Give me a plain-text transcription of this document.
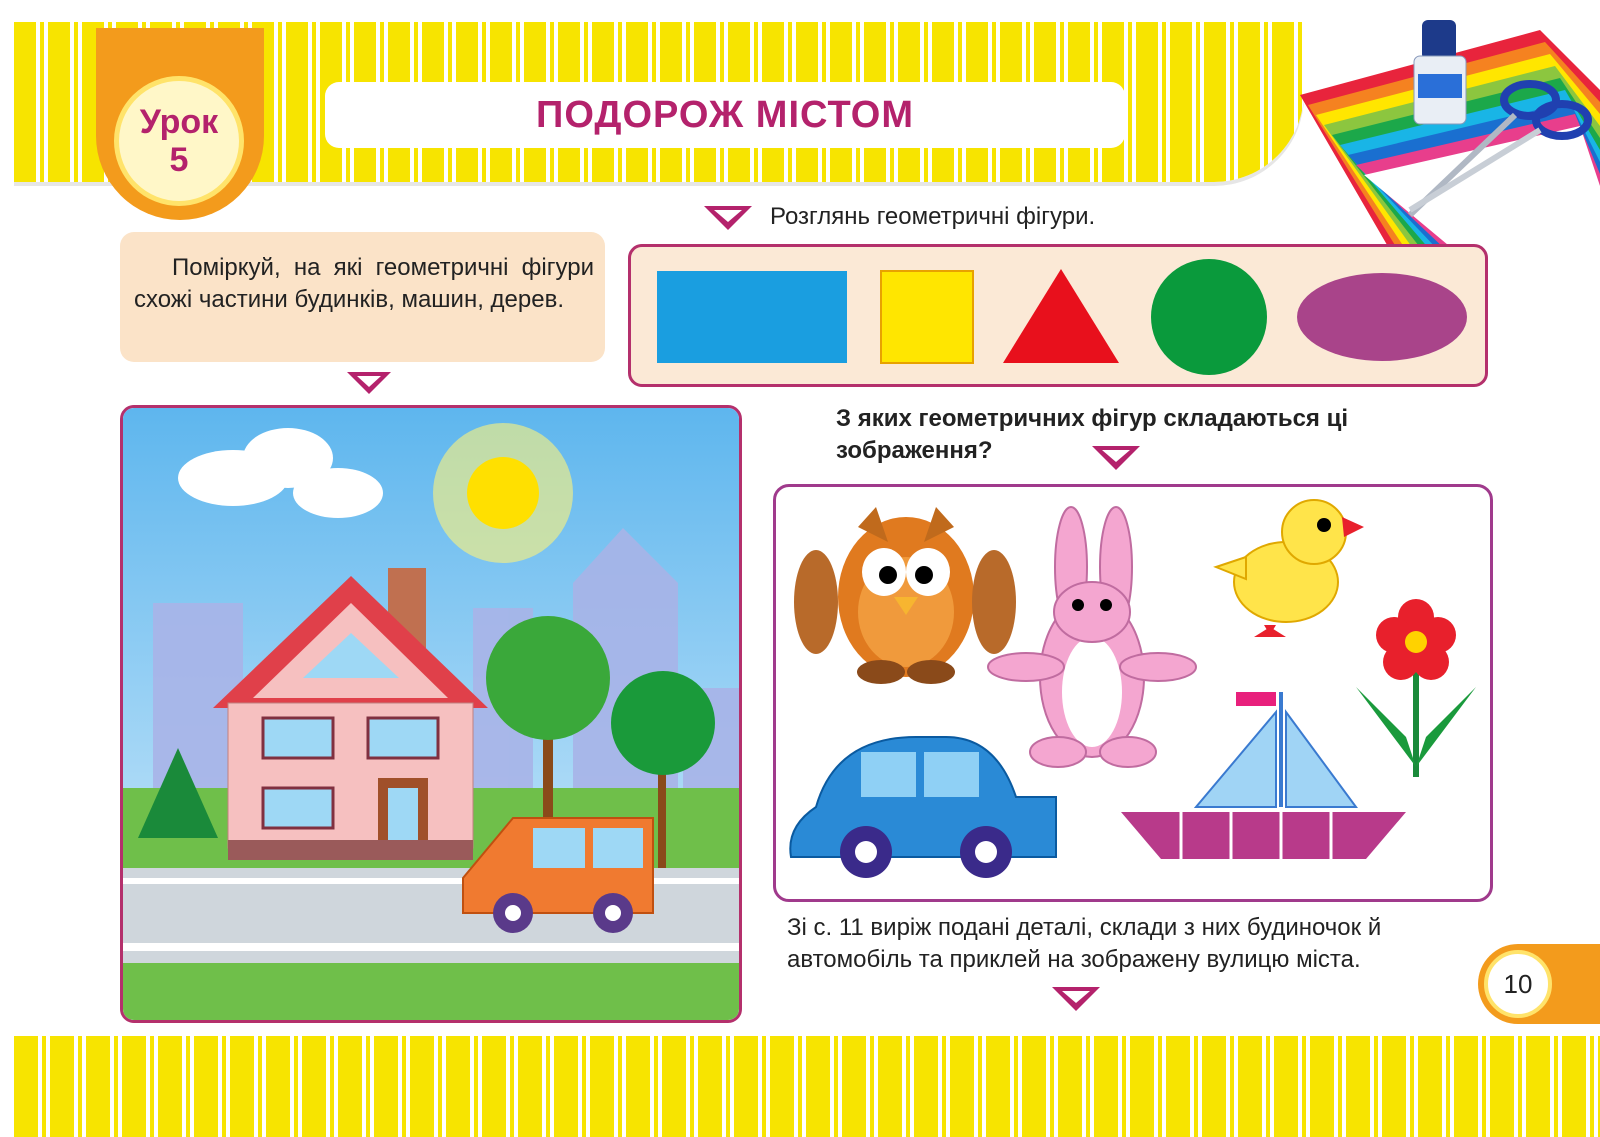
ПОДОРОЖ МІСТОМ
Урок
5
Поміркуй, на які геометричні фігури схожі частини будинків, машин, дерев.
Розглянь геометричні фігури.
З яких геометричних фігур складаються ці зображення?
Зі с. 11 виріж подані деталі, склади з них будиночок й автомобіль та приклей на зображену вулицю міста.
10
